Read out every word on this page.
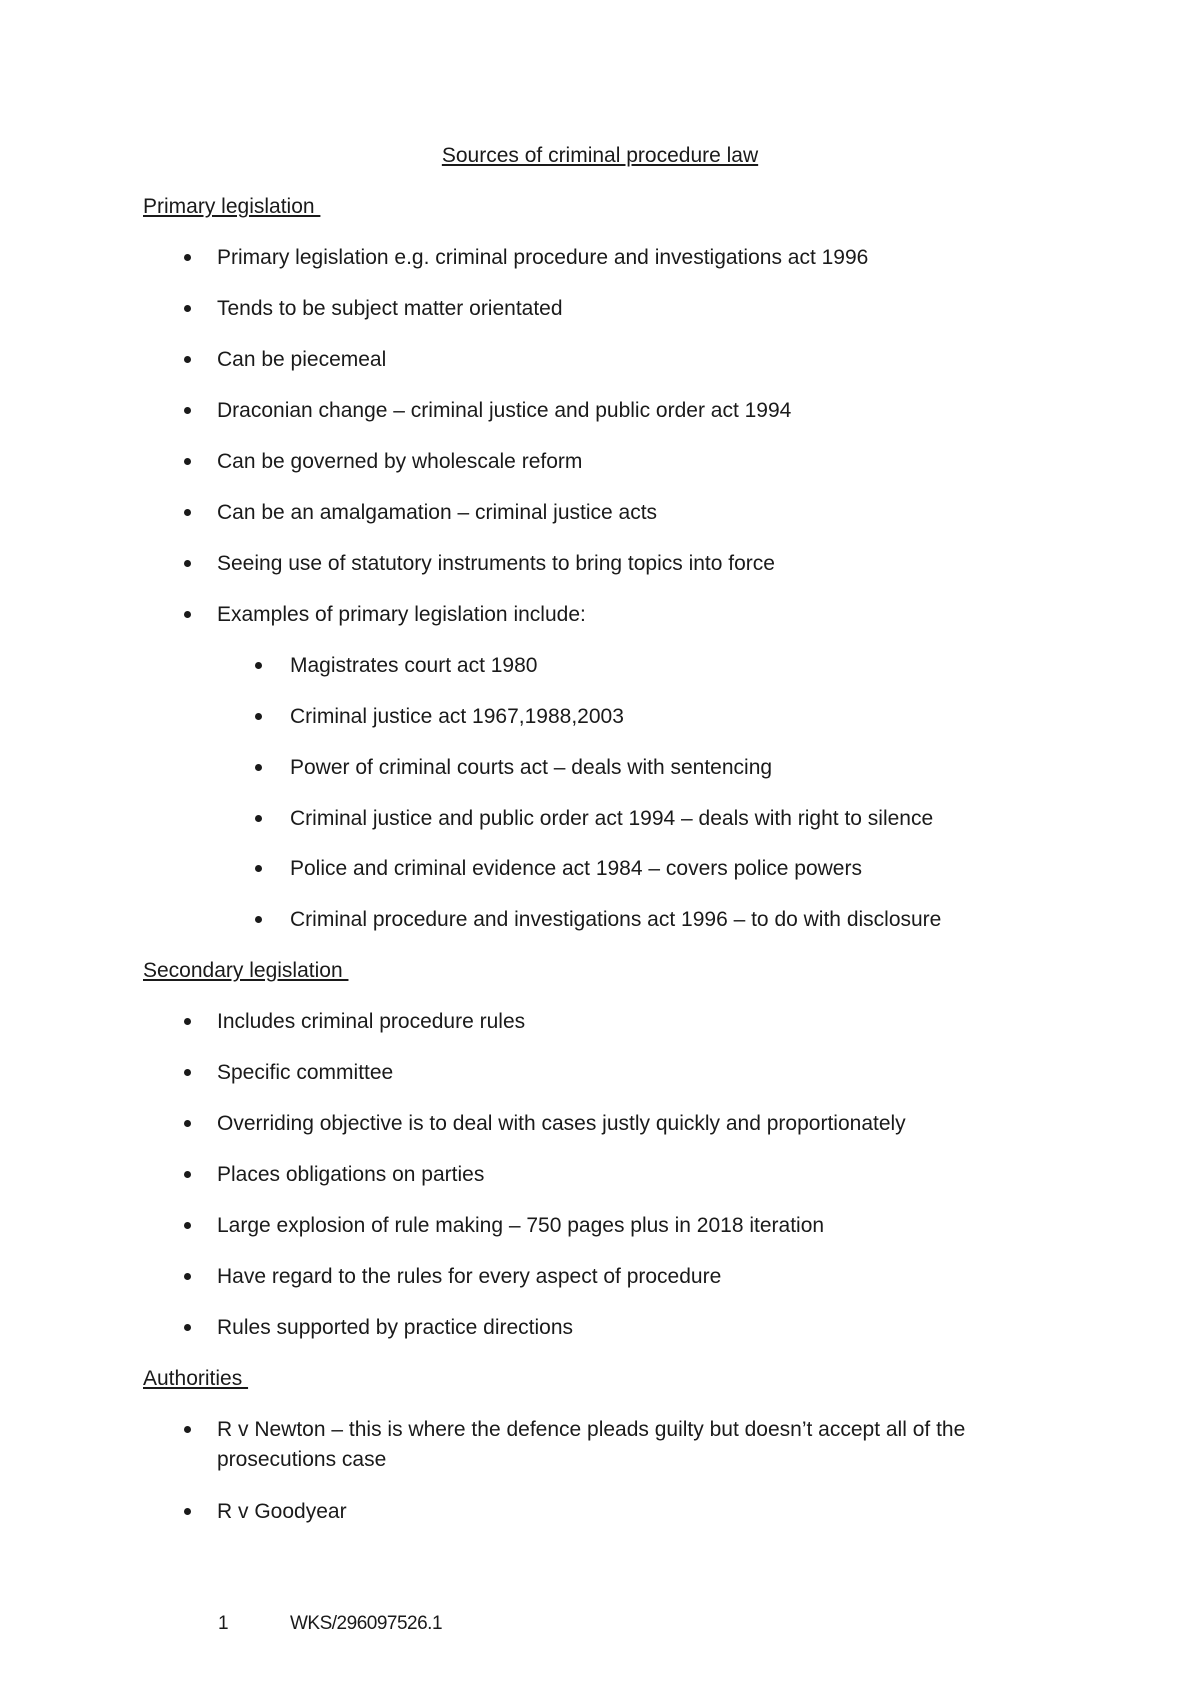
Sources of criminal procedure law
Primary legislation
Primary legislation e.g. criminal procedure and investigations act 1996
Tends to be subject matter orientated
Can be piecemeal
Draconian change – criminal justice and public order act 1994
Can be governed by wholescale reform
Can be an amalgamation – criminal justice acts
Seeing use of statutory instruments to bring topics into force
Examples of primary legislation include:
Magistrates court act 1980
Criminal justice act 1967,1988,2003
Power of criminal courts act – deals with sentencing
Criminal justice and public order act 1994 – deals with right to silence
Police and criminal evidence act 1984 – covers police powers
Criminal procedure and investigations act 1996 – to do with disclosure
Secondary legislation
Includes criminal procedure rules
Specific committee
Overriding objective is to deal with cases justly quickly and proportionately
Places obligations on parties
Large explosion of rule making – 750 pages plus in 2018 iteration
Have regard to the rules for every aspect of procedure
Rules supported by practice directions
Authorities
R v Newton – this is where the defence pleads guilty but doesn’t accept all of the prosecutions case
R v Goodyear
1	WKS/296097526.1
